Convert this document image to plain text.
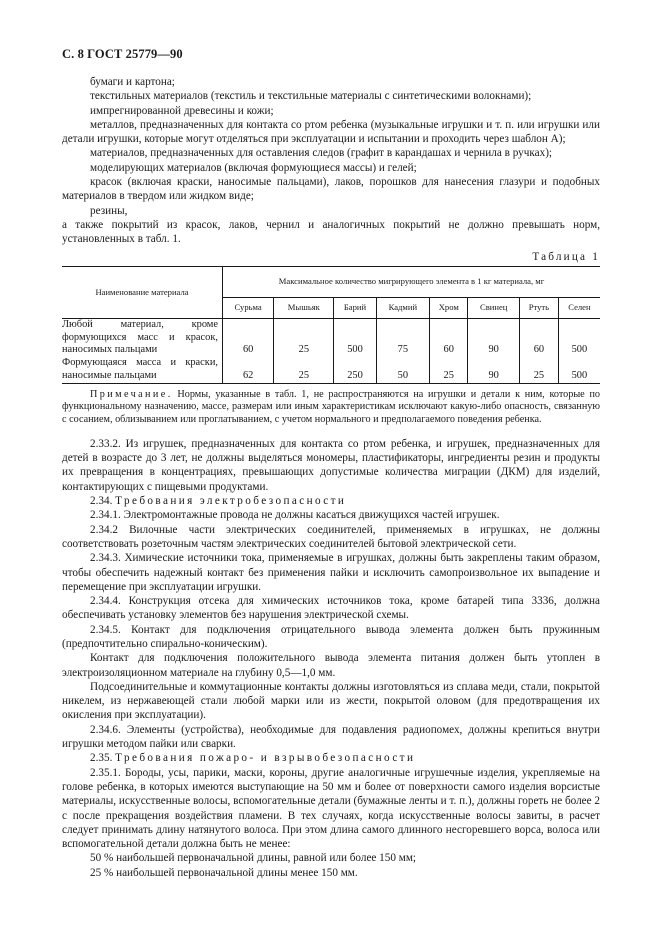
С. 8 ГОСТ 25779—90

бумаги и картона;

текстильных материалов (текстиль и текстильные материалы с синтетическими волокнами);

импрегнированной древесины и кожи;

металлов, предназначенных для контакта со ртом ребенка (музыкальные игрушки и т. п. или игрушки или детали игрушки, которые могут отделяться при эксплуатации и испытании и проходить через шаблон А);

материалов, предназначенных для оставления следов (графит в карандашах и чернила в ручках);

моделирующих материалов (включая формующиеся массы) и гелей;

красок (включая краски, наносимые пальцами), лаков, порошков для нанесения глазури и подобных материалов в твердом или жидком виде;

резины,

а также покрытий из красок, лаков, чернил и аналогичных покрытий не должно превышать норм, установленных в табл. 1.

Таблица 1
Наименование материала	Максимальное количество мигрирующего элемента в 1 кг материала, мг							
	Сурьма	Мышьяк	Барий	Кадмий	Хром	Свинец	Ртуть	Селен
Любой материал, кроме формующихся масс и красок, наносимых пальцами	60	25	500	75	60	90	60	500
Формующаяся масса и краски, наносимые пальцами	62	25	250	50	25	90	25	500

Примечание. Нормы, указанные в табл. 1, не распространяются на игрушки и детали к ним, которые по функциональному назначению, массе, размерам или иным характеристикам исключают какую-либо опасность, связанную с сосанием, облизыванием или проглатыванием, с учетом нормального и предполагаемого поведения ребенка.

2.33.2. Из игрушек, предназначенных для контакта со ртом ребенка, и игрушек, предназначенных для детей в возрасте до 3 лет, не должны выделяться мономеры, пластификаторы, ингредиенты резин и продукты их превращения в концентрациях, превышающих допустимые количества миграции (ДКМ) для изделий, контактирующих с пищевыми продуктами.

2.34. Требования электробезопасности

2.34.1. Электромонтажные провода не должны касаться движущихся частей игрушек.

2.34.2 Вилочные части электрических соединителей, применяемых в игрушках, не должны соответствовать розеточным частям электрических соединителей бытовой электрической сети.

2.34.3. Химические источники тока, применяемые в игрушках, должны быть закреплены таким образом, чтобы обеспечить надежный контакт без применения пайки и исключить самопроизвольное их выпадение и перемещение при эксплуатации игрушки.

2.34.4. Конструкция отсека для химических источников тока, кроме батарей типа 3336, должна обеспечивать установку элементов без нарушения электрической схемы.

2.34.5. Контакт для подключения отрицательного вывода элемента должен быть пружинным (предпочтительно спирально-коническим).

Контакт для подключения положительного вывода элемента питания должен быть утоплен в электроизоляционном материале на глубину 0,5—1,0 мм.

Подсоединительные и коммутационные контакты должны изготовляться из сплава меди, стали, покрытой никелем, из нержавеющей стали любой марки или из жести, покрытой оловом (для предотвращения их окисления при эксплуатации).

2.34.6. Элементы (устройства), необходимые для подавления радиопомех, должны крепиться внутри игрушки методом пайки или сварки.

2.35. Требования пожаро- и взрывобезопасности

2.35.1. Бороды, усы, парики, маски, короны, другие аналогичные игрушечные изделия, укрепляемые на голове ребенка, в которых имеются выступающие на 50 мм и более от поверхности самого изделия ворсистые материалы, искусственные волосы, вспомогательные детали (бумажные ленты и т. п.), должны гореть не более 2 с после прекращения воздействия пламени. В тех случаях, когда искусственные волосы завиты, в расчет следует принимать длину натянутого волоса. При этом длина самого длинного несгоревшего ворса, волоса или вспомогательной детали должна быть не менее:

50 % наибольшей первоначальной длины, равной или более 150 мм;

25 % наибольшей первоначальной длины менее 150 мм.
